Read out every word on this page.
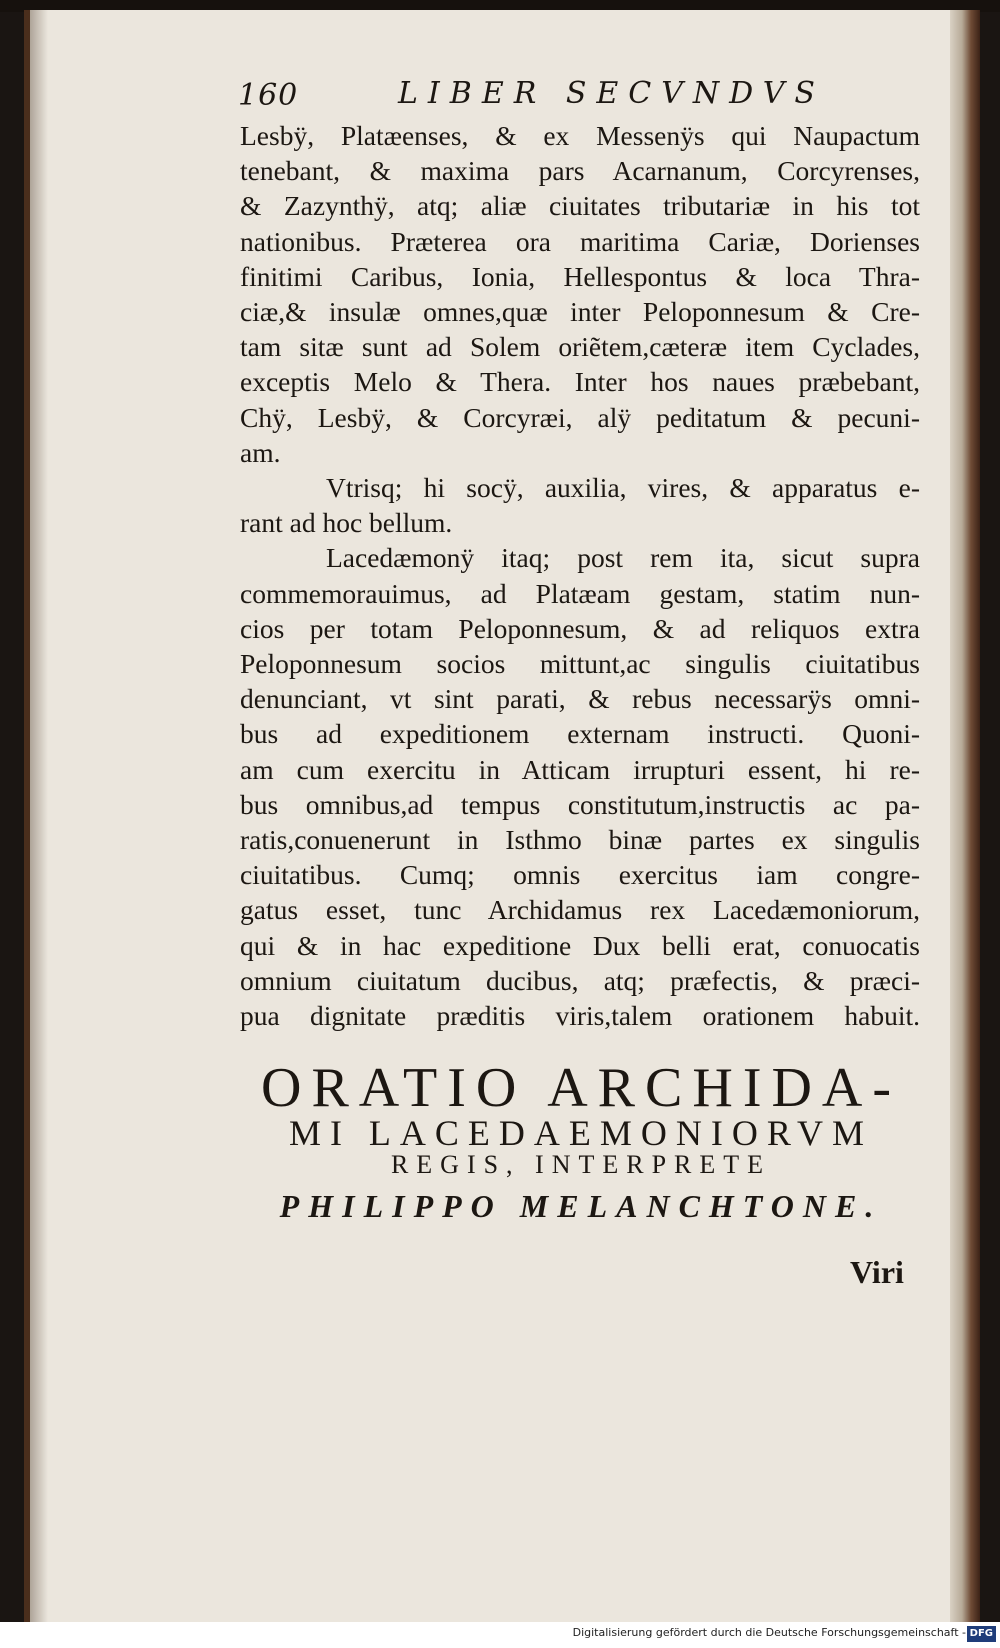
160	LIBER SECVNDVS
Lesbÿ, Platæenses, & ex Messenÿs qui Naupactum
tenebant, & maxima pars Acarnanum, Corcyrenses,
& Zazynthÿ, atq; aliæ ciuitates tributariæ in his tot
nationibus. Præterea ora maritima Cariæ, Dorienses
finitimi Caribus, Ionia, Hellespontus & loca Thra-
ciæ,& insulæ omnes,quæ inter Peloponnesum & Cre-
tam sitæ sunt ad Solem oriẽtem,cæteræ item Cyclades,
exceptis Melo & Thera. Inter hos naues præbebant,
Chÿ, Lesbÿ, & Corcyræi, alÿ peditatum & pecuni-
am.
Vtrisq; hi socÿ, auxilia, vires, & apparatus e-
rant ad hoc bellum.
Lacedæmonÿ itaq; post rem ita, sicut supra
commemorauimus, ad Platæam gestam, statim nun-
cios per totam Peloponnesum, & ad reliquos extra
Peloponnesum socios mittunt,ac singulis ciuitatibus
denunciant, vt sint parati, & rebus necessarÿs omni-
bus ad expeditionem externam instructi. Quoni-
am cum exercitu in Atticam irrupturi essent, hi re-
bus omnibus,ad tempus constitutum,instructis ac pa-
ratis,conuenerunt in Isthmo binæ partes ex singulis
ciuitatibus. Cumq; omnis exercitus iam congre-
gatus esset, tunc Archidamus rex Lacedæmoniorum,
qui & in hac expeditione Dux belli erat, conuocatis
omnium ciuitatum ducibus, atq; præfectis, & præci-
pua dignitate præditis viris,talem orationem habuit.
ORATIO ARCHIDA-
MI LACEDAEMONIORVM
REGIS, INTERPRETE
PHILIPPO MELANCHTONE.
Viri
Digitalisierung gefördert durch die Deutsche Forschungsgemeinschaft - DFG
